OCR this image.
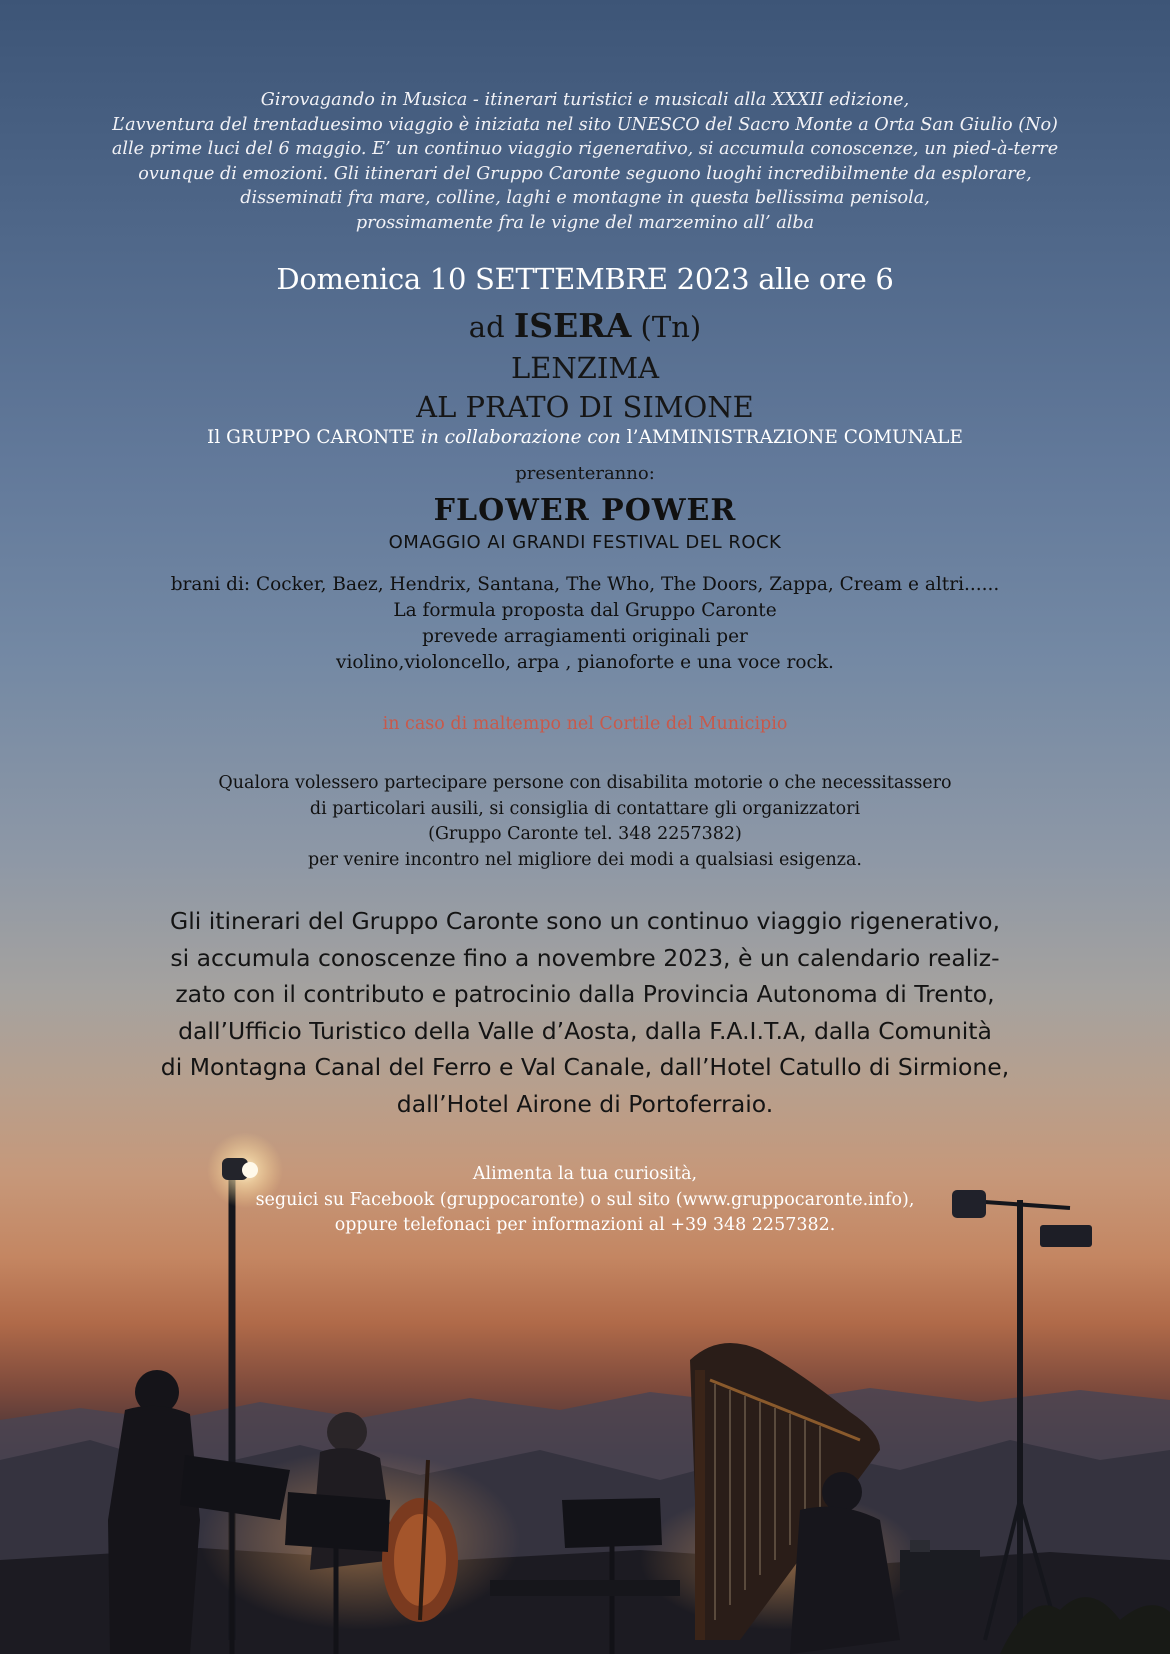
Girovagando in Musica - itinerari turistici e musicali alla XXXII edizione,
L’avventura del trentaduesimo viaggio è iniziata nel sito UNESCO del Sacro Monte a Orta San Giulio (No)
alle prime luci del 6 maggio. E’ un continuo viaggio rigenerativo, si accumula conoscenze, un pied-à-terre
ovunque di emozioni. Gli itinerari del Gruppo Caronte seguono luoghi incredibilmente da esplorare,
disseminati fra mare, colline, laghi e montagne in questa bellissima penisola,
prossimamente fra le vigne del marzemino all’ alba
Domenica 10 SETTEMBRE 2023 alle ore 6
ad ISERA (Tn)
LENZIMA
AL PRATO DI SIMONE
Il GRUPPO CARONTE in collaborazione con l’AMMINISTRAZIONE COMUNALE
presenteranno:
FLOWER POWER
OMAGGIO AI GRANDI FESTIVAL DEL ROCK
brani di: Cocker, Baez, Hendrix, Santana, The Who, The Doors, Zappa, Cream e altri......
La formula proposta dal Gruppo Caronte
prevede arragiamenti originali per
violino,violoncello, arpa , pianoforte e una voce rock.
in caso di maltempo nel Cortile del Municipio
Qualora volessero partecipare persone con disabilita motorie o che necessitassero
di particolari ausili, si consiglia di contattare gli organizzatori
(Gruppo Caronte tel. 348 2257382)
per venire incontro nel migliore dei modi a qualsiasi esigenza.
Gli itinerari del Gruppo Caronte sono un continuo viaggio rigenerativo,
si accumula conoscenze fino a novembre 2023, è un calendario realiz-
zato con il contributo e patrocinio dalla Provincia Autonoma di Trento,
dall’Ufficio Turistico della Valle d’Aosta, dalla F.A.I.T.A, dalla Comunità
di Montagna Canal del Ferro e Val Canale, dall’Hotel Catullo di Sirmione,
dall’Hotel Airone di Portoferraio.
Alimenta la tua curiosità,
seguici su Facebook (gruppocaronte) o sul sito (www.gruppocaronte.info),
oppure telefonaci per informazioni al +39 348 2257382.
